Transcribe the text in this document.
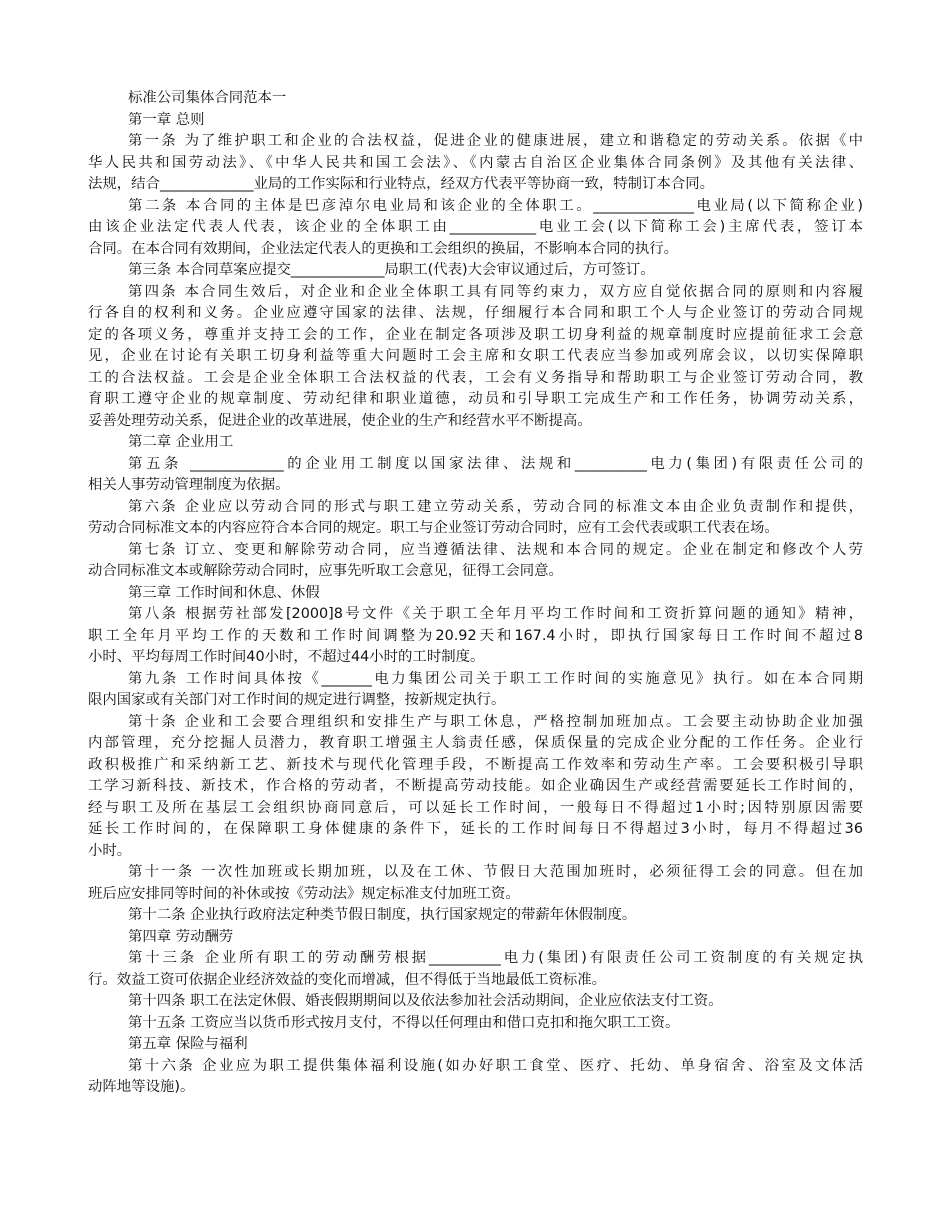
标准公司集体合同范本一
第一章 总则
第一条 为了维护职工和企业的合法权益，促进企业的健康进展，建立和谐稳定的劳动关系。依据《中
华人民共和国劳动法》、《中华人民共和国工会法》、《内蒙古自治区企业集体合同条例》及其他有关法律、
法规，结合_____________业局的工作实际和行业特点，经双方代表平等协商一致，特制订本合同。
第二条 本合同的主体是巴彦淖尔电业局和该企业的全体职工。______________电业局(以下简称企业)
由该企业法定代表人代表，该企业的全体职工由____________电业工会(以下简称工会)主席代表，签订本
合同。在本合同有效期间，企业法定代表人的更换和工会组织的换届，不影响本合同的执行。
第三条 本合同草案应提交_____________局职工(代表)大会审议通过后，方可签订。
第四条 本合同生效后，对企业和企业全体职工具有同等约束力，双方应自觉依据合同的原则和内容履
行各自的权利和义务。企业应遵守国家的法律、法规，仔细履行本合同和职工个人与企业签订的劳动合同规
定的各项义务，尊重并支持工会的工作，企业在制定各项涉及职工切身利益的规章制度时应提前征求工会意
见，企业在讨论有关职工切身利益等重大问题时工会主席和女职工代表应当参加或列席会议，以切实保障职
工的合法权益。工会是企业全体职工合法权益的代表，工会有义务指导和帮助职工与企业签订劳动合同，教
育职工遵守企业的规章制度、劳动纪律和职业道德，动员和引导职工完成生产和工作任务，协调劳动关系，
妥善处理劳动关系，促进企业的改革进展，使企业的生产和经营水平不断提高。
第二章 企业用工
第五条 _____________的企业用工制度以国家法律、法规和__________电力(集团)有限责任公司的
相关人事劳动管理制度为依据。
第六条 企业应以劳动合同的形式与职工建立劳动关系，劳动合同的标准文本由企业负责制作和提供，
劳动合同标准文本的内容应符合本合同的规定。职工与企业签订劳动合同时，应有工会代表或职工代表在场。
第七条 订立、变更和解除劳动合同，应当遵循法律、法规和本合同的规定。企业在制定和修改个人劳
动合同标准文本或解除劳动合同时，应事先听取工会意见，征得工会同意。
第三章 工作时间和休息、休假
第八条 根据劳社部发[2000]8号文件《关于职工全年月平均工作时间和工资折算问题的通知》精神，
职工全年月平均工作的天数和工作时间调整为20.92天和167.4小时，即执行国家每日工作时间不超过8
小时、平均每周工作时间40小时，不超过44小时的工时制度。
第九条 工作时间具体按《_______电力集团公司关于职工工作时间的实施意见》执行。如在本合同期
限内国家或有关部门对工作时间的规定进行调整，按新规定执行。
第十条 企业和工会要合理组织和安排生产与职工休息，严格控制加班加点。工会要主动协助企业加强
内部管理，充分挖掘人员潜力，教育职工增强主人翁责任感，保质保量的完成企业分配的工作任务。企业行
政积极推广和采纳新工艺、新技术与现代化管理手段，不断提高工作效率和劳动生产率。工会要积极引导职
工学习新科技、新技术，作合格的劳动者，不断提高劳动技能。如企业确因生产或经营需要延长工作时间的，
经与职工及所在基层工会组织协商同意后，可以延长工作时间，一般每日不得超过1小时;因特别原因需要
延长工作时间的，在保障职工身体健康的条件下，延长的工作时间每日不得超过3小时，每月不得超过36
小时。
第十一条 一次性加班或长期加班，以及在工休、节假日大范围加班时，必须征得工会的同意。但在加
班后应安排同等时间的补休或按《劳动法》规定标准支付加班工资。
第十二条 企业执行政府法定种类节假日制度，执行国家规定的带薪年休假制度。
第四章 劳动酬劳
第十三条 企业所有职工的劳动酬劳根据__________电力(集团)有限责任公司工资制度的有关规定执
行。效益工资可依据企业经济效益的变化而增减，但不得低于当地最低工资标准。
第十四条 职工在法定休假、婚丧假期期间以及依法参加社会活动期间，企业应依法支付工资。
第十五条 工资应当以货币形式按月支付，不得以任何理由和借口克扣和拖欠职工工资。
第五章 保险与福利
第十六条 企业应为职工提供集体福利设施(如办好职工食堂、医疗、托幼、单身宿舍、浴室及文体活
动阵地等设施)。
